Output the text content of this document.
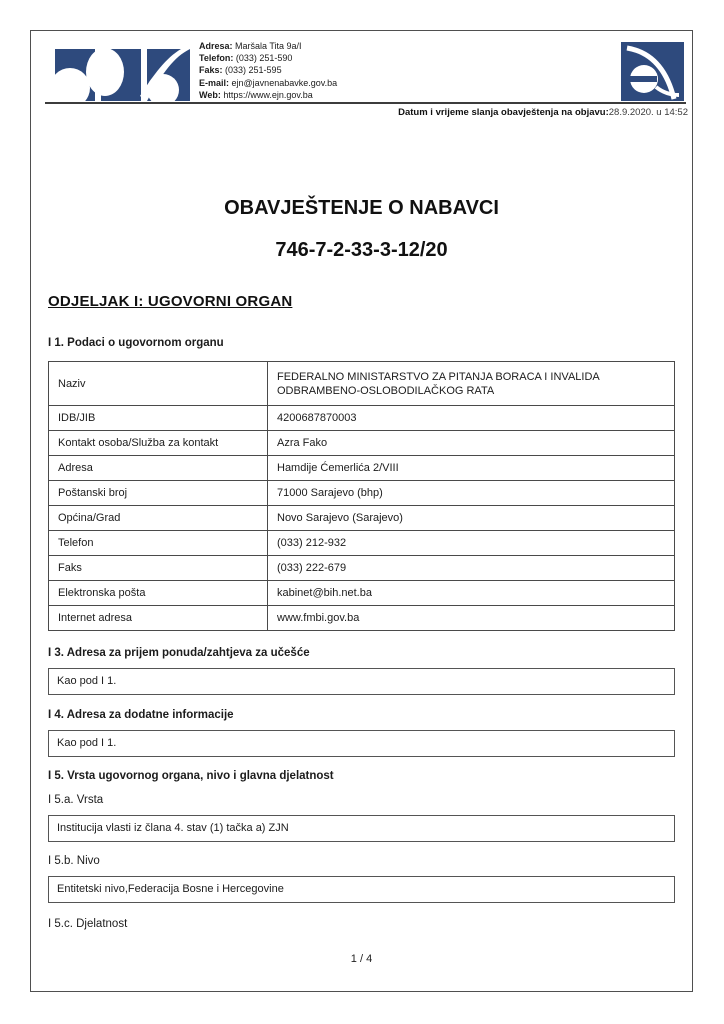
Adresa: Maršala Tita 9a/I
Telefon: (033) 251-590
Faks: (033) 251-595
E-mail: ejn@javnenabavke.gov.ba
Web: https://www.ejn.gov.ba
Datum i vrijeme slanja obavještenja na objavu:28.9.2020. u 14:52
OBAVJEŠTENJE O NABAVCI
746-7-2-33-3-12/20
ODJELJAK I: UGOVORNI ORGAN
I 1. Podaci o ugovornom organu
Naziv	FEDERALNO MINISTARSTVO ZA PITANJA BORACA I INVALIDA ODBRAMBENO-OSLOBODILAČKOG RATA
IDB/JIB	4200687870003
Kontakt osoba/Služba za kontakt	Azra Fako
Adresa	Hamdije Ćemerlića 2/VIII
Poštanski broj	71000 Sarajevo (bhp)
Općina/Grad	Novo Sarajevo (Sarajevo)
Telefon	(033) 212-932
Faks	(033) 222-679
Elektronska pošta	kabinet@bih.net.ba
Internet adresa	www.fmbi.gov.ba
I 3. Adresa za prijem ponuda/zahtjeva za učešće
Kao pod I 1.
I 4. Adresa za dodatne informacije
Kao pod I 1.
I 5. Vrsta ugovornog organa, nivo i glavna djelatnost
I 5.a. Vrsta
Institucija vlasti iz člana 4. stav (1) tačka a) ZJN
I 5.b. Nivo
Entitetski nivo,Federacija Bosne i Hercegovine
I 5.c. Djelatnost
1 / 4
